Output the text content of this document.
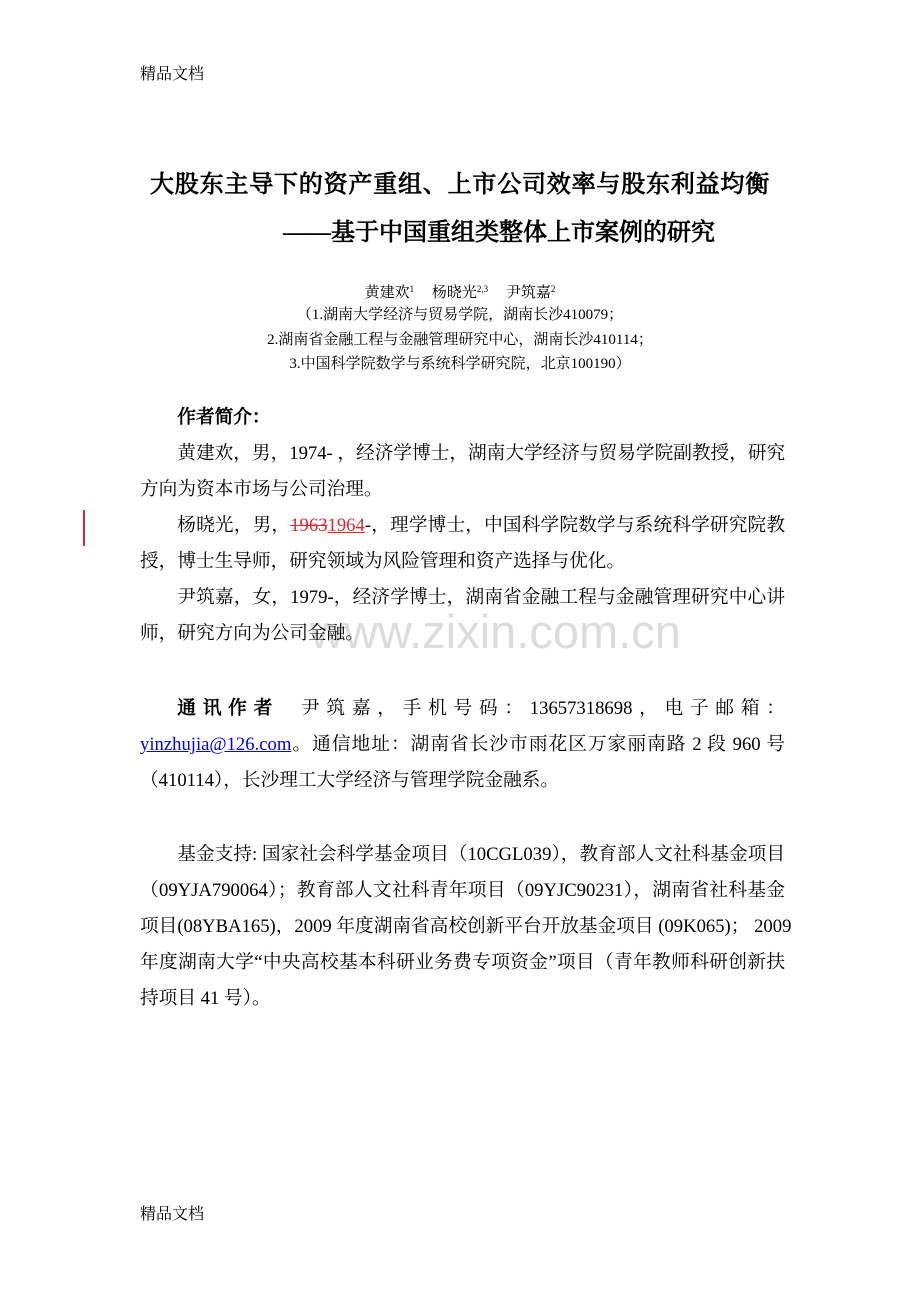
精品文档
www.zixin.com.cn
大股东主导下的资产重组、上市公司效率与股东利益均衡
——基于中国重组类整体上市案例的研究
黄建欢$^1$ 杨晓光$^{2,3}$ 尹筑嘉$^2$
（1.湖南大学经济与贸易学院，湖南长沙410079；
2.湖南省金融工程与金融管理研究中心，湖南长沙410114；
3.中国科学院数学与系统科学研究院，北京100190）
作者简介：
黄建欢，男，1974- ，经济学博士，湖南大学经济与贸易学院副教授，研究
方向为资本市场与公司治理。
杨晓光，男，19631964-，理学博士，中国科学院数学与系统科学研究院教
授，博士生导师，研究领域为风险管理和资产选择与优化。
尹筑嘉，女，1979-，经济学博士，湖南省金融工程与金融管理研究中心讲
师，研究方向为公司金融。
通 讯 作 者 尹 筑 嘉 ， 手 机 号 码 ： 13657318698 ， 电 子 邮 箱 ：
yinzhujia@126.com。通信地址：湖南省长沙市雨花区万家丽南路 2 段 960 号
（410114），长沙理工大学经济与管理学院金融系。
基金支持: 国家社会科学基金项目（10CGL039），教育部人文社科基金项目
（09YJA790064）；教育部人文社科青年项目（09YJC90231），湖南省社科基金
项目(08YBA165)，2009 年度湖南省高校创新平台开放基金项目 (09K065)； 2009
年度湖南大学“中央高校基本科研业务费专项资金”项目（青年教师科研创新扶
持项目 41 号）。
精品文档
